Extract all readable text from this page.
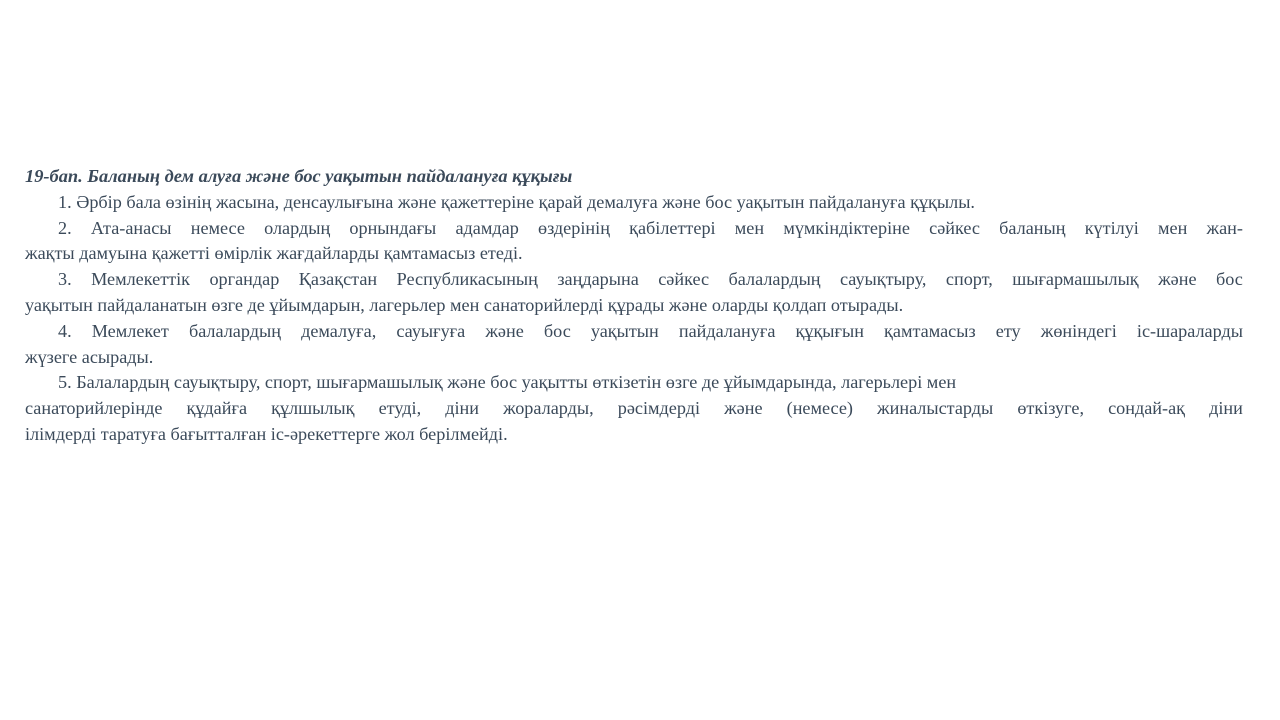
19-бап. Баланың дем алуға және бос уақытын пайдалануға құқығы
1. Әрбір бала өзінің жасына, денсаулығына және қажеттеріне қарай демалуға және бос уақытын пайдалануға құқылы.
2. Ата-анасы немесе олардың орнындағы адамдар өздерінің қабілеттері мен мүмкіндіктеріне сәйкес баланың күтілуі мен жан-
жақты дамуына қажетті өмірлік жағдайларды қамтамасыз етеді.
3. Мемлекеттік органдар Қазақстан Республикасының заңдарына сәйкес балалардың сауықтыру, спорт, шығармашылық және бос
уақытын пайдаланатын өзге де ұйымдарын, лагерьлер мен санаторийлерді құрады және оларды қолдап отырады.
4. Мемлекет балалардың демалуға, сауығуға және бос уақытын пайдалануға құқығын қамтамасыз ету жөніндегі іс-шараларды
жүзеге асырады.
5. Балалардың сауықтыру, спорт, шығармашылық және бос уақытты өткізетін өзге де ұйымдарында, лагерьлері мен
санаторийлерінде құдайға құлшылық етуді, діни жораларды, рәсімдерді және (немесе) жиналыстарды өткізуге, сондай-ақ діни
ілімдерді таратуға бағытталған іс-әрекеттерге жол берілмейді.
